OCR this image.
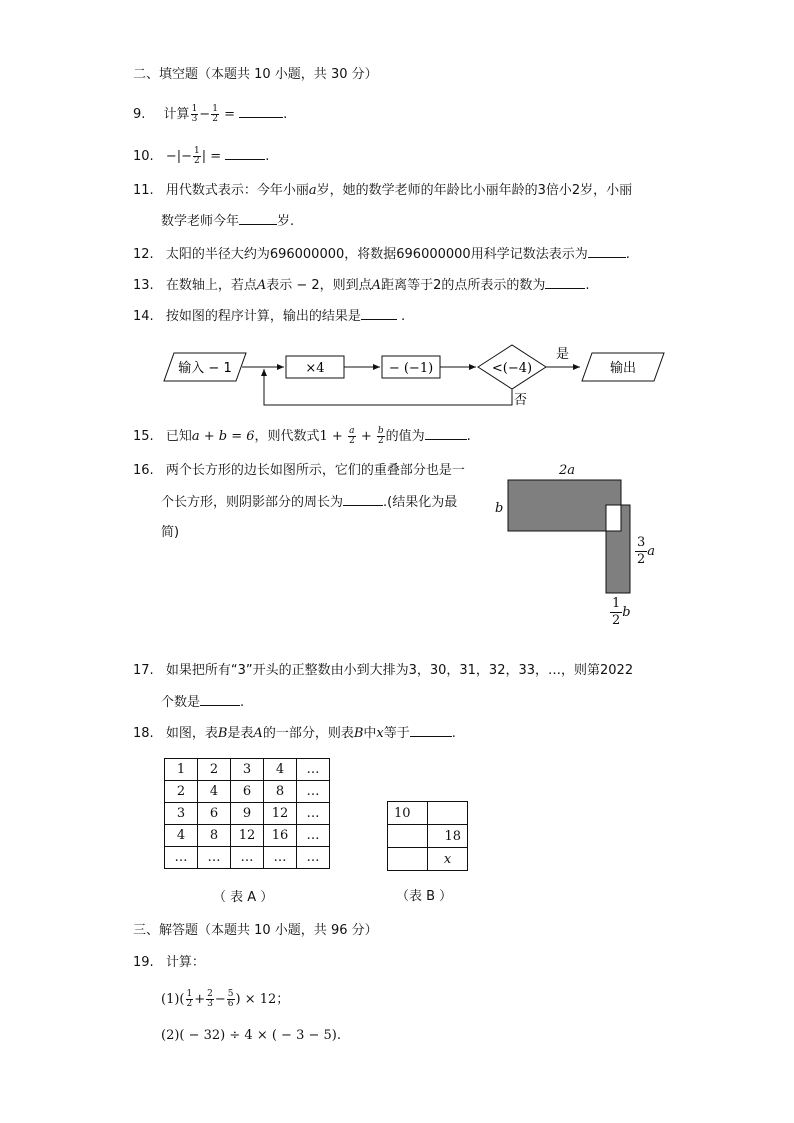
二、填空题（本题共 10 小题，共 30 分）
9. 计算 $\frac{1}{3} - \frac{1}{2}$ =	.
10. −|− $\frac{1}{2}$ | =	.
11. 用代数式表示：今年小丽a岁，她的数学老师的年龄比小丽年龄的3倍小2岁，小丽
数学老师今年	岁.
12. 太阳的半径大约为696000000，将数据696000000用科学记数法表示为	.
13. 在数轴上，若点A表示 − 2，则到点A距离等于2的点所表示的数为	.
14. 按如图的程序计算，输出的结果是	.
输入 − 1	×4	− (−1)	<(−4)
是
输出
否
15. 已知a + b = 6，则代数式$1 + \frac{a}{2} + \frac{b}{2}$ 的值为	.
16. 两个长方形的边长如图所示，它们的重叠部分也是一
个长方形，则阴影部分的周长为	.(结果化为最
简)
2a
b
$\frac{3}{2}$ a
$\frac{1}{2}$ b
17. 如果把所有“3”开头的正整数由小到大排为3，30，31，32，33，…，则第2022
个数是	.
18. 如图，表B是表A的一部分，则表B中x等于	.
1	2	3	4	…
2	4	6	8	…
3	6	9	12	…
4	8	12	16	…
…	…	…	…	…
（ 表 A ）
10	
	18
	x
（表 B ）
三、解答题（本题共 10 小题，共 96 分）
19. 计算：
$(1)( \frac{1}{2} + \frac{2}{3} - \frac{5}{6}$ ) × 12；
(2)( − 32) ÷ 4 × ( − 3 − 5).
